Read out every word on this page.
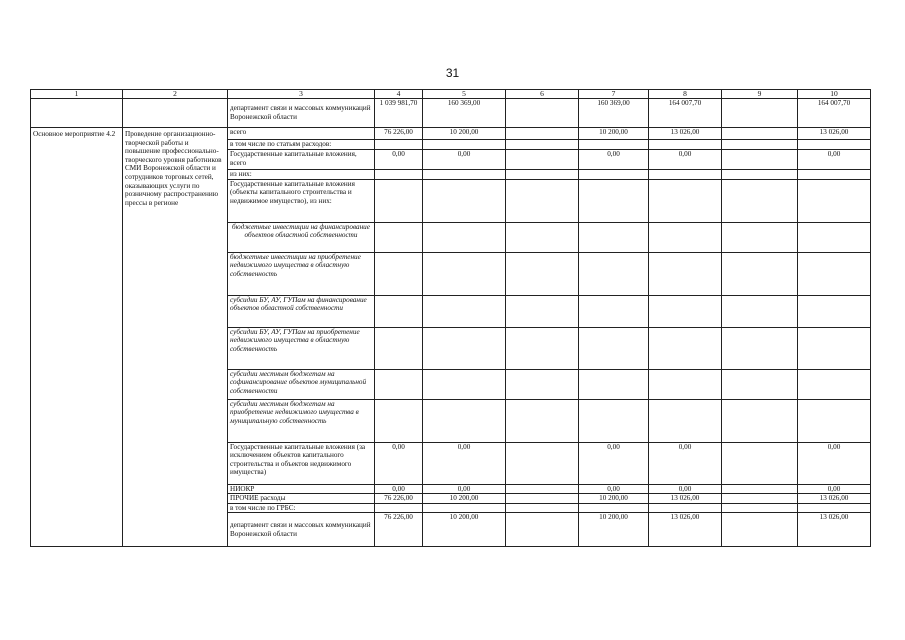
31
1	2	3	4	5	6	7	8	9	10
		департамент связи и массовых коммуникаций Воронежской области	1 039 981,70	160 369,00		160 369,00	164 007,70		164 007,70
Основное мероприятие 4.2	Проведение организационно-творческой работы и повышение профессионально-творческого уровня работников СМИ Воронежской области и сотрудников торговых сетей, оказывающих услуги по розничному распространению прессы в регионе	всего	76 226,00	10 200,00		10 200,00	13 026,00		13 026,00
		в том числе по статьям расходов:							
		Государственные капитальные вложения, всего	0,00	0,00		0,00	0,00		0,00
		из них:							
		Государственные капитальные вложения (объекты капитального строительства и недвижимое имущество), из них:							
		бюджетные инвестиции на финансирование объектов областной собственности							
		бюджетные инвестиции на приобретение недвижимого имущества в областную собственность							
		субсидии БУ, АУ, ГУПам на финансирование объектов областной собственности							
		субсидии БУ, АУ, ГУПам на приобретение недвижимого имущества в областную собственность							
		субсидии местным бюджетам на софинансирование объектов муниципальной собственности							
		субсидии местным бюджетам на приобретение недвижимого имущества в муниципальную собственность							
		Государственные капитальные вложения (за исключением объектов капитального строительства и объектов недвижимого имущества)	0,00	0,00		0,00	0,00		0,00
		НИОКР	0,00	0,00		0,00	0,00		0,00
		ПРОЧИЕ расходы	76 226,00	10 200,00		10 200,00	13 026,00		13 026,00
		в том числе по ГРБС:							
		департамент связи и массовых коммуникаций Воронежской области	76 226,00	10 200,00		10 200,00	13 026,00		13 026,00
